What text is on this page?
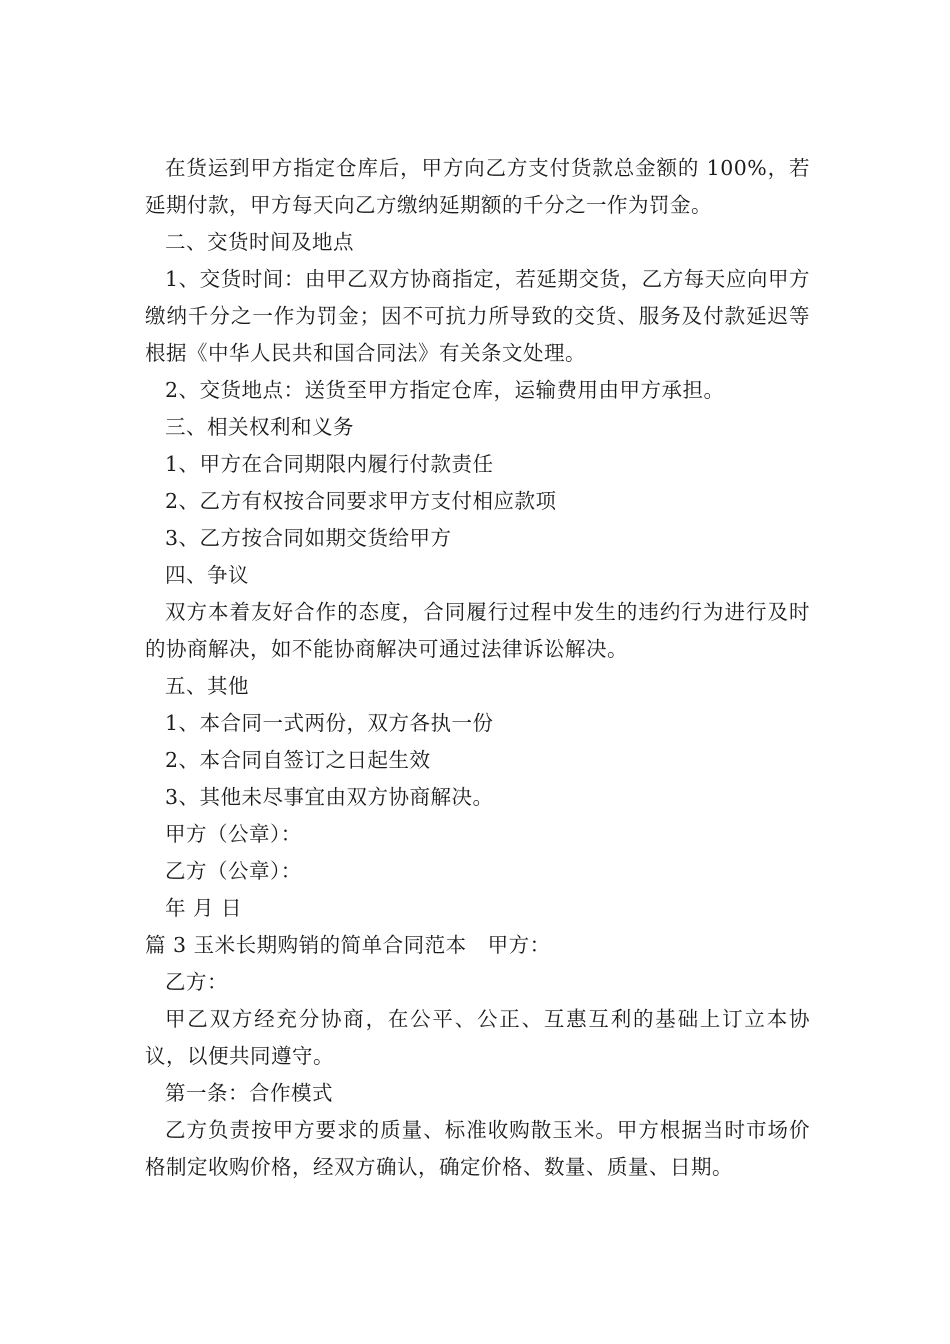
在货运到甲方指定仓库后，甲方向乙方支付货款总金额的 100%，若延期付款，甲方每天向乙方缴纳延期额的千分之一作为罚金。

二、交货时间及地点

1、交货时间：由甲乙双方协商指定，若延期交货，乙方每天应向甲方缴纳千分之一作为罚金；因不可抗力所导致的交货、服务及付款延迟等根据《中华人民共和国合同法》有关条文处理。

2、交货地点：送货至甲方指定仓库，运输费用由甲方承担。

三、相关权利和义务

1、甲方在合同期限内履行付款责任

2、乙方有权按合同要求甲方支付相应款项

3、乙方按合同如期交货给甲方

四、争议

双方本着友好合作的态度，合同履行过程中发生的违约行为进行及时的协商解决，如不能协商解决可通过法律诉讼解决。

五、其他

1、本合同一式两份，双方各执一份

2、本合同自签订之日起生效

3、其他未尽事宜由双方协商解决。

甲方（公章）：

乙方（公章）：

年 月 日

篇 3 玉米长期购销的简单合同范本　甲方：

乙方：

甲乙双方经充分协商，在公平、公正、互惠互利的基础上订立本协议，以便共同遵守。

第一条：合作模式

乙方负责按甲方要求的质量、标准收购散玉米。甲方根据当时市场价格制定收购价格，经双方确认，确定价格、数量、质量、日期。
